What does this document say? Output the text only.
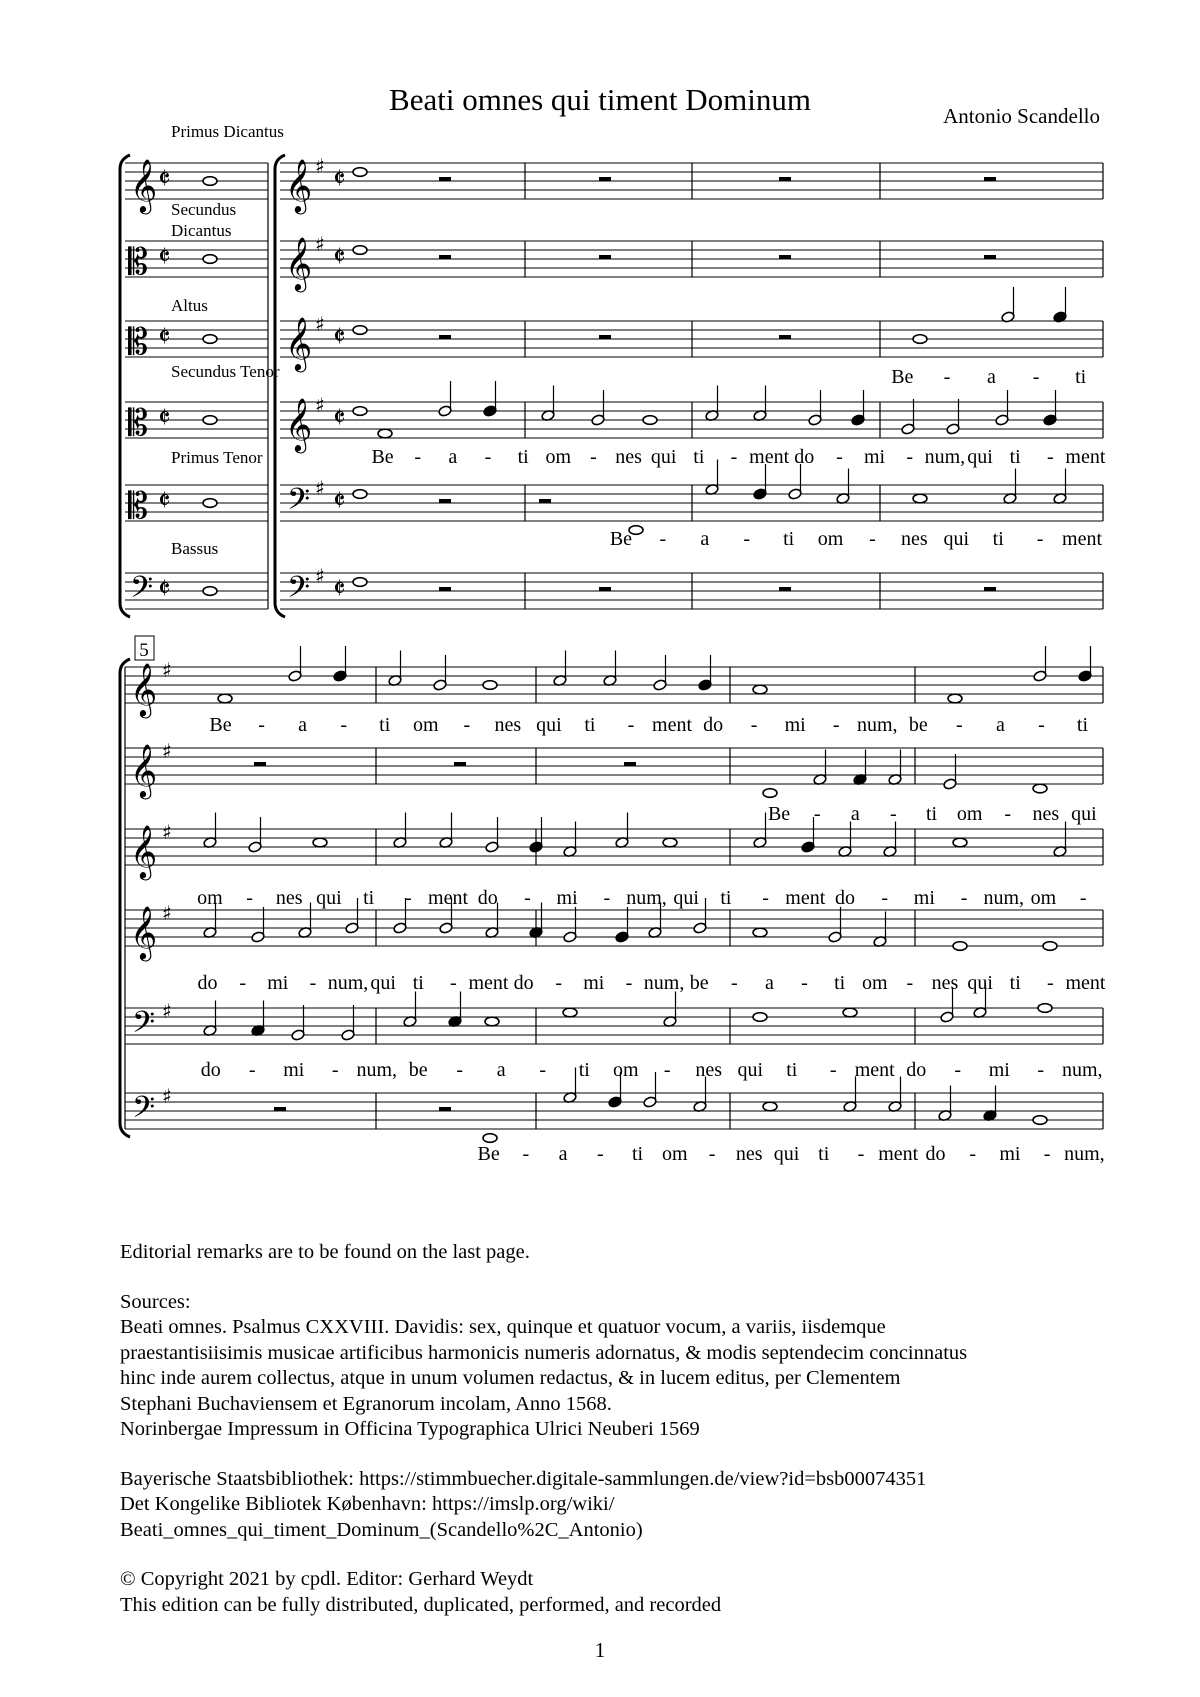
Beati omnes qui timent Dominum	Antonio Scandello
Primus Dicantus
Secundus Dicantus
Altus
Secundus Tenor
Primus Tenor
Bassus
𝄞 𝄵 𝄞 ♯ 𝄵
𝄡 𝄵 𝄞 ♯ 𝄵
𝄡 𝄵 𝄞 ♯ 𝄵
𝄡 𝄵 𝄞 ♯ 𝄵
𝄡 𝄵	𝄢 ♯ 𝄵
𝄢 𝄵	𝄢 ♯ 𝄵
Be - a - ti
Be - a - ti om - nes qui ti - ment do - mi - num, qui ti - ment
Be - a - ti om - nes qui ti - ment
5
𝄞 ♯
𝄞 ♯
𝄞 ♯
𝄞 ♯
𝄢 ♯
𝄢 ♯
Be - a - ti om - nes qui ti - ment do - mi - num, be - a - ti
Be - a - ti om - nes qui
om - nes qui ti - ment do - mi - num, qui ti - ment do - mi - num, om -
do - mi - num, qui ti - ment do - mi - num, be - a - ti om - nes qui ti - ment
do - mi - num, be - a - ti om - nes qui ti - ment do - mi - num,
Be - a - ti om - nes qui ti - ment do - mi - num,

Editorial remarks are to be found on the last page.

Sources:
Beati omnes. Psalmus CXXVIII. Davidis: sex, quinque et quatuor vocum, a variis, iisdemque
praestantisiisimis musicae artificibus harmonicis numeris adornatus, & modis septendecim concinnatus
hinc inde aurem collectus, atque in unum volumen redactus, & in lucem editus, per Clementem
Stephani Buchaviensem et Egranorum incolam, Anno 1568.
Norinbergae Impressum in Officina Typographica Ulrici Neuberi 1569

Bayerische Staatsbibliothek: https://stimmbuecher.digitale-sammlungen.de/view?id=bsb00074351
Det Kongelike Bibliotek København: https://imslp.org/wiki/
Beati_omnes_qui_timent_Dominum_(Scandello%2C_Antonio)

© Copyright 2021 by cpdl. Editor: Gerhard Weydt
This edition can be fully distributed, duplicated, performed, and recorded

1
